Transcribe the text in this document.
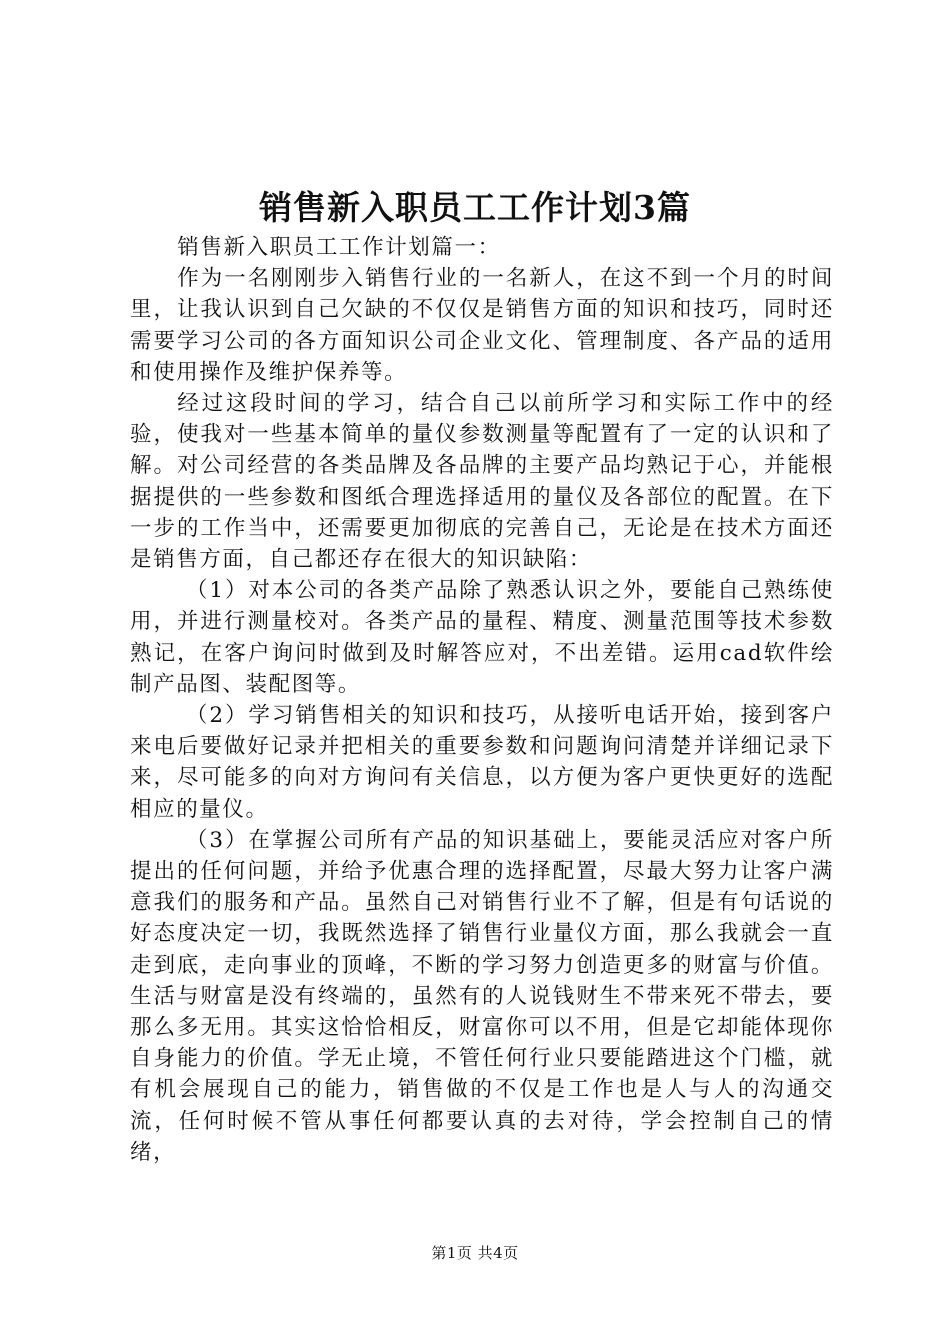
销售新入职员工工作计划3篇

销售新入职员工工作计划篇一：

作为一名刚刚步入销售行业的一名新人，在这不到一个月的时间里，让我认识到自己欠缺的不仅仅是销售方面的知识和技巧，同时还需要学习公司的各方面知识公司企业文化、管理制度、各产品的适用和使用操作及维护保养等。

经过这段时间的学习，结合自己以前所学习和实际工作中的经验，使我对一些基本简单的量仪参数测量等配置有了一定的认识和了解。对公司经营的各类品牌及各品牌的主要产品均熟记于心，并能根据提供的一些参数和图纸合理选择适用的量仪及各部位的配置。在下一步的工作当中，还需要更加彻底的完善自己，无论是在技术方面还是销售方面，自己都还存在很大的知识缺陷：

（1）对本公司的各类产品除了熟悉认识之外，要能自己熟练使用，并进行测量校对。各类产品的量程、精度、测量范围等技术参数熟记，在客户询问时做到及时解答应对，不出差错。运用cad软件绘制产品图、装配图等。

（2）学习销售相关的知识和技巧，从接听电话开始，接到客户来电后要做好记录并把相关的重要参数和问题询问清楚并详细记录下来，尽可能多的向对方询问有关信息，以方便为客户更快更好的选配相应的量仪。

（3）在掌握公司所有产品的知识基础上，要能灵活应对客户所提出的任何问题，并给予优惠合理的选择配置，尽最大努力让客户满意我们的服务和产品。虽然自己对销售行业不了解，但是有句话说的好态度决定一切，我既然选择了销售行业量仪方面，那么我就会一直走到底，走向事业的顶峰，不断的学习努力创造更多的财富与价值。生活与财富是没有终端的，虽然有的人说钱财生不带来死不带去，要那么多无用。其实这恰恰相反，财富你可以不用，但是它却能体现你自身能力的价值。学无止境，不管任何行业只要能踏进这个门槛，就有机会展现自己的能力，销售做的不仅是工作也是人与人的沟通交流，任何时候不管从事任何都要认真的去对待，学会控制自己的情绪，

第1页 共4页
